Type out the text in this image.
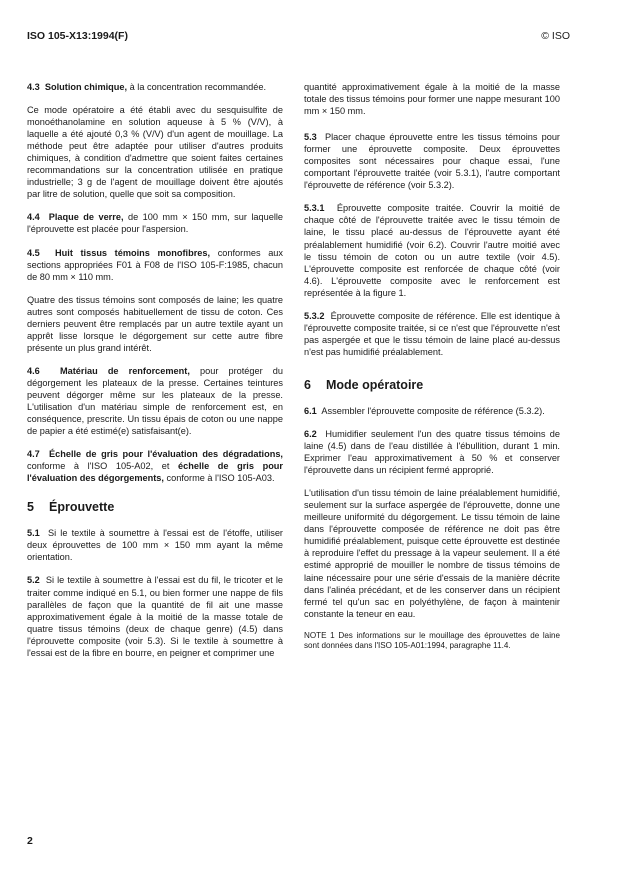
ISO 105-X13:1994(F)	© ISO

4.3 Solution chimique, à la concentration recommandée.

Ce mode opératoire a été établi avec du sesquisulfite de monoéthanolamine en solution aqueuse à 5 % (V/V), à laquelle a été ajouté 0,3 % (V/V) d'un agent de mouillage. La méthode peut être adaptée pour utiliser d'autres produits chimiques, à condition d'admettre que soient faites certaines recommandations sur la concentration utilisée en pratique industrielle; 3 g de l'agent de mouillage doivent être ajoutés par litre de solution, quelle que soit sa composition.

4.4 Plaque de verre, de 100 mm × 150 mm, sur laquelle l'éprouvette est placée pour l'aspersion.

4.5 Huit tissus témoins monofibres, conformes aux sections appropriées F01 à F08 de l'ISO 105-F:1985, chacun de 80 mm × 110 mm.

Quatre des tissus témoins sont composés de laine; les quatre autres sont composés habituellement de tissu de coton. Ces derniers peuvent être remplacés par un autre textile ayant un apprêt lisse lorsque le dégorgement sur cette autre fibre présente un plus grand intérêt.

4.6 Matériau de renforcement, pour protéger du dégorgement les plateaux de la presse. Certaines teintures peuvent dégorger même sur les plateaux de la presse. L'utilisation d'un matériau simple de renforcement est, en conséquence, prescrite. Un tissu épais de coton ou une nappe de papier a été estimé(e) satisfaisant(e).

4.7 Échelle de gris pour l'évaluation des dégradations, conforme à l'ISO 105-A02, et échelle de gris pour l'évaluation des dégorgements, conforme à l'ISO 105-A03.

5 Éprouvette

5.1 Si le textile à soumettre à l'essai est de l'étoffe, utiliser deux éprouvettes de 100 mm × 150 mm ayant la même orientation.

5.2 Si le textile à soumettre à l'essai est du fil, le tricoter et le traiter comme indiqué en 5.1, ou bien former une nappe de fils parallèles de façon que la quantité de fil ait une masse approximativement égale à la moitié de la masse totale de quatre tissus témoins (deux de chaque genre) (4.5) dans l'éprouvette composite (voir 5.3). Si le textile à soumettre à l'essai est de la fibre en bourre, en peigner et comprimer une

quantité approximativement égale à la moitié de la masse totale des tissus témoins pour former une nappe mesurant 100 mm × 150 mm.

5.3 Placer chaque éprouvette entre les tissus témoins pour former une éprouvette composite. Deux éprouvettes composites sont nécessaires pour chaque essai, l'une comportant l'éprouvette traitée (voir 5.3.1), l'autre comportant l'éprouvette de référence (voir 5.3.2).

5.3.1 Éprouvette composite traitée. Couvrir la moitié de chaque côté de l'éprouvette traitée avec le tissu témoin de laine, le tissu placé au-dessus de l'éprouvette ayant été préalablement humidifié (voir 6.2). Couvrir l'autre moitié avec le tissu témoin de coton ou un autre textile (voir 4.5). L'éprouvette composite est renforcée de chaque côté (voir 4.6). L'éprouvette composite avec le renforcement est représentée à la figure 1.

5.3.2 Éprouvette composite de référence. Elle est identique à l'éprouvette composite traitée, si ce n'est que l'éprouvette n'est pas aspergée et que le tissu témoin de laine placé au-dessus n'est pas humidifié préalablement.

6 Mode opératoire

6.1 Assembler l'éprouvette composite de référence (5.3.2).

6.2 Humidifier seulement l'un des quatre tissus témoins de laine (4.5) dans de l'eau distillée à l'ébullition, durant 1 min. Exprimer l'eau approximativement à 50 % et conserver l'éprouvette dans un récipient fermé approprié.

L'utilisation d'un tissu témoin de laine préalablement humidifié, seulement sur la surface aspergée de l'éprouvette, donne une meilleure uniformité du dégorgement. Le tissu témoin de laine dans l'éprouvette composée de référence ne doit pas être humidifié préalablement, puisque cette éprouvette est destinée à reproduire l'effet du pressage à la vapeur seulement. Il a été estimé approprié de mouiller le nombre de tissus témoins de laine nécessaire pour une série d'essais de la manière décrite dans l'alinéa précédant, et de les conserver dans un récipient fermé tel qu'un sac en polyéthylène, de façon à maintenir constante la teneur en eau.

NOTE 1 Des informations sur le mouillage des éprouvettes de laine sont données dans l'ISO 105-A01:1994, paragraphe 11.4.

2
